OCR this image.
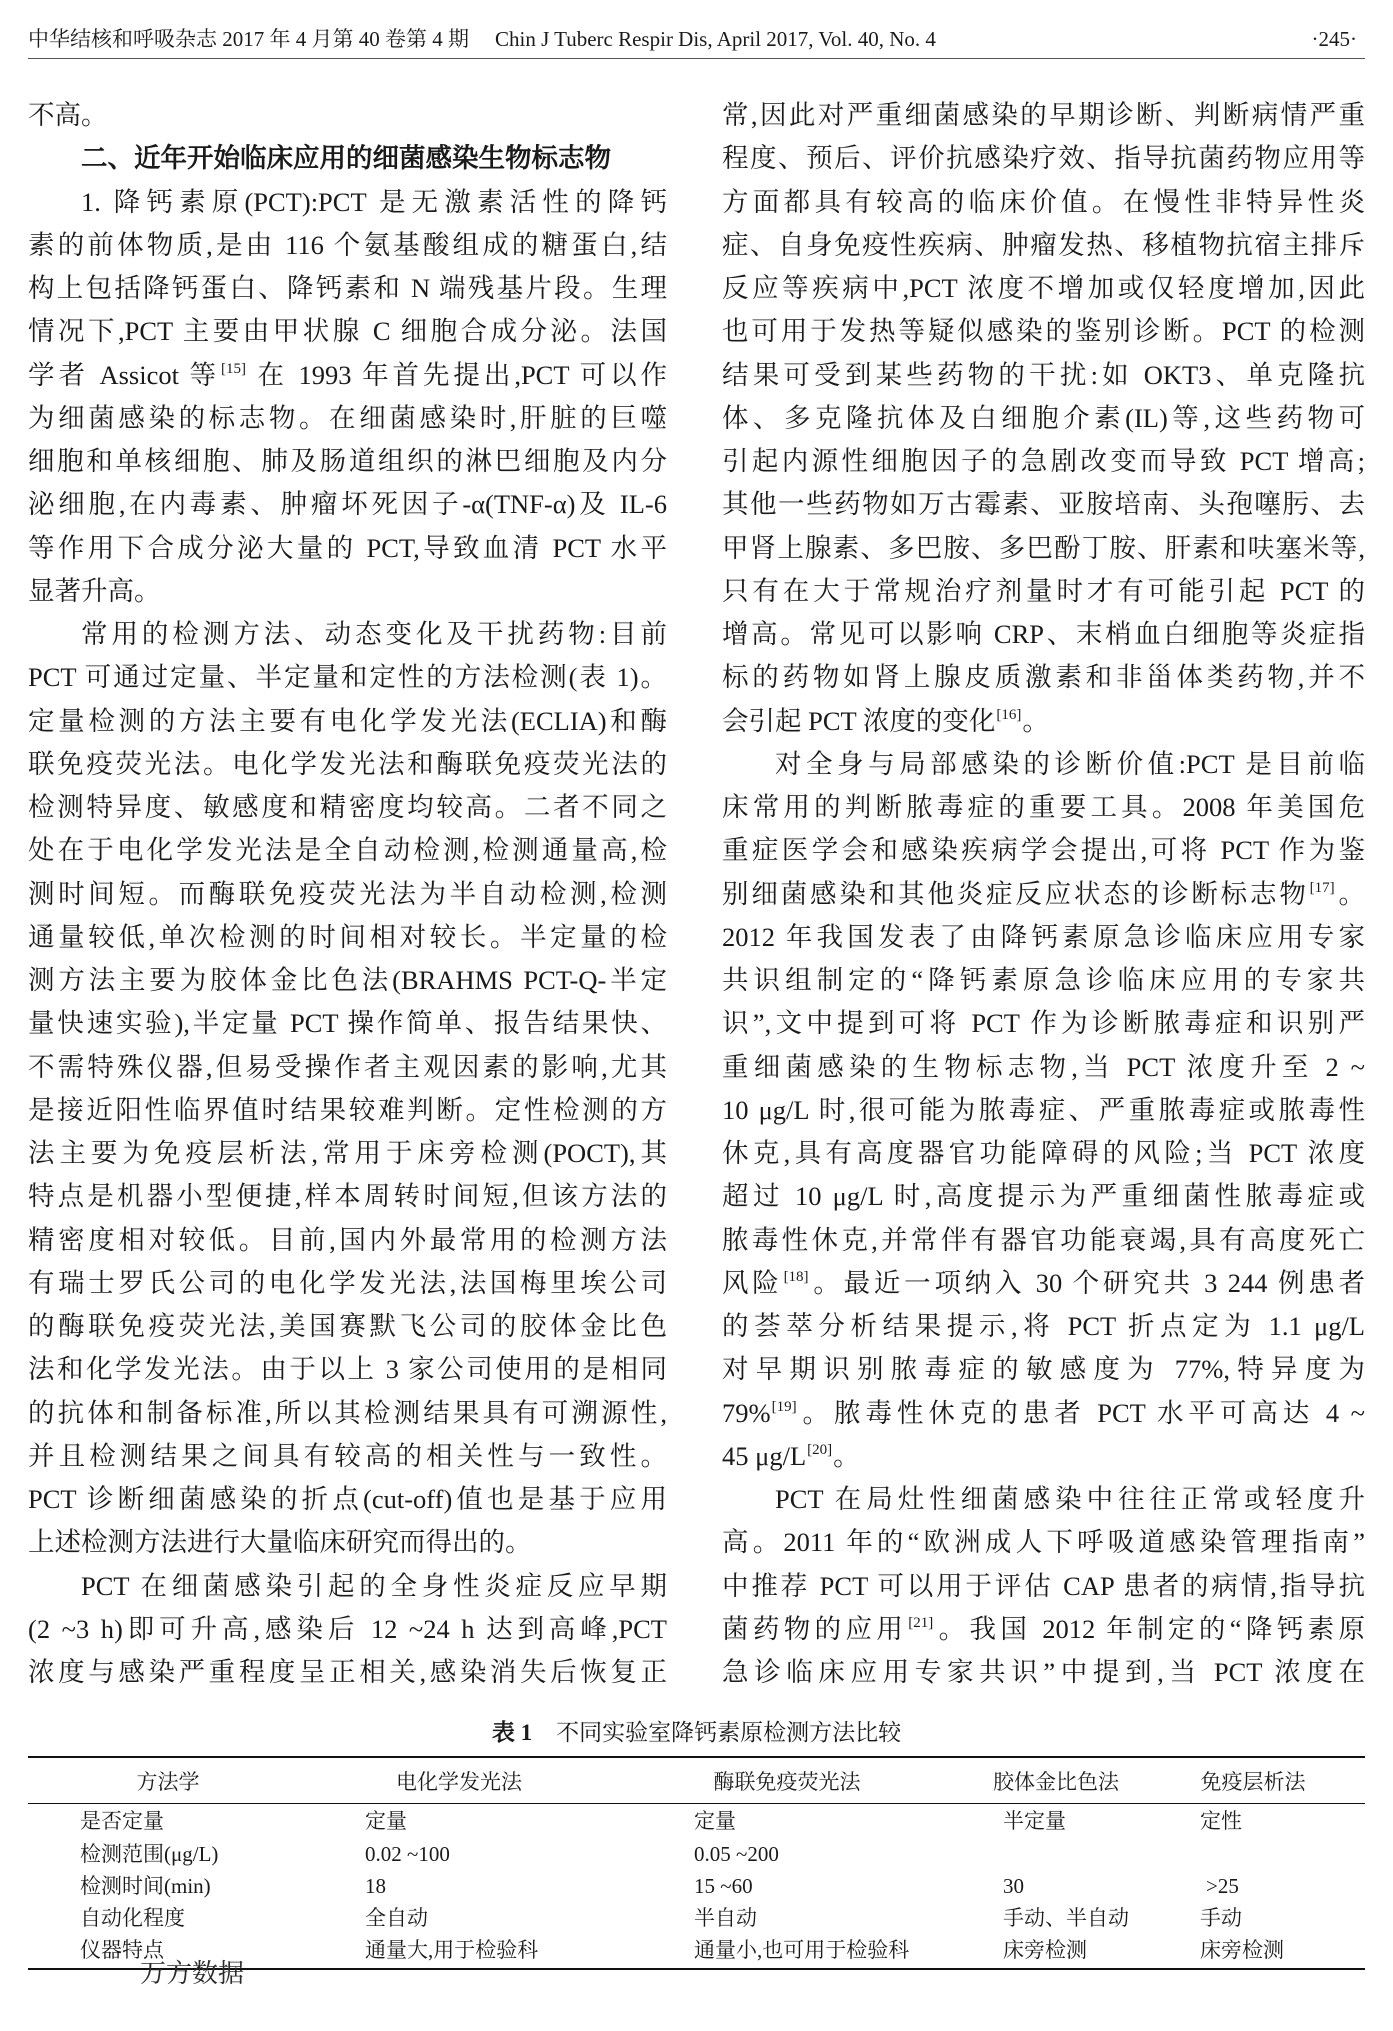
中华结核和呼吸杂志 2017 年 4 月第 40 卷第 4 期 Chin J Tuberc Respir Dis, April 2017, Vol. 40, No. 4	·245·
不高。
二、近年开始临床应用的细菌感染生物标志物
1. 降钙素原(PCT):PCT 是无激素活性的降钙
素的前体物质,是由 116 个氨基酸组成的糖蛋白,结
构上包括降钙蛋白、降钙素和 N 端残基片段。生理
情况下,PCT 主要由甲状腺 C 细胞合成分泌。法国
学者 Assicot 等[15] 在 1993 年首先提出,PCT 可以作
为细菌感染的标志物。在细菌感染时,肝脏的巨噬
细胞和单核细胞、肺及肠道组织的淋巴细胞及内分
泌细胞,在内毒素、肿瘤坏死因子-α(TNF-α)及 IL-6
等作用下合成分泌大量的 PCT,导致血清 PCT 水平
显著升高。
常用的检测方法、动态变化及干扰药物:目前
PCT 可通过定量、半定量和定性的方法检测(表 1)。
定量检测的方法主要有电化学发光法(ECLIA)和酶
联免疫荧光法。电化学发光法和酶联免疫荧光法的
检测特异度、敏感度和精密度均较高。二者不同之
处在于电化学发光法是全自动检测,检测通量高,检
测时间短。而酶联免疫荧光法为半自动检测,检测
通量较低,单次检测的时间相对较长。半定量的检
测方法主要为胶体金比色法(BRAHMS PCT-Q-半定
量快速实验),半定量 PCT 操作简单、报告结果快、
不需特殊仪器,但易受操作者主观因素的影响,尤其
是接近阳性临界值时结果较难判断。定性检测的方
法主要为免疫层析法,常用于床旁检测(POCT),其
特点是机器小型便捷,样本周转时间短,但该方法的
精密度相对较低。目前,国内外最常用的检测方法
有瑞士罗氏公司的电化学发光法,法国梅里埃公司
的酶联免疫荧光法,美国赛默飞公司的胶体金比色
法和化学发光法。由于以上 3 家公司使用的是相同
的抗体和制备标准,所以其检测结果具有可溯源性,
并且检测结果之间具有较高的相关性与一致性。
PCT 诊断细菌感染的折点(cut-off)值也是基于应用
上述检测方法进行大量临床研究而得出的。
PCT 在细菌感染引起的全身性炎症反应早期
(2 ~3 h)即可升高,感染后 12 ~24 h 达到高峰,PCT
浓度与感染严重程度呈正相关,感染消失后恢复正
常,因此对严重细菌感染的早期诊断、判断病情严重
程度、预后、评价抗感染疗效、指导抗菌药物应用等
方面都具有较高的临床价值。在慢性非特异性炎
症、自身免疫性疾病、肿瘤发热、移植物抗宿主排斥
反应等疾病中,PCT 浓度不增加或仅轻度增加,因此
也可用于发热等疑似感染的鉴别诊断。PCT 的检测
结果可受到某些药物的干扰:如 OKT3、单克隆抗
体、多克隆抗体及白细胞介素(IL)等,这些药物可
引起内源性细胞因子的急剧改变而导致 PCT 增高;
其他一些药物如万古霉素、亚胺培南、头孢噻肟、去
甲肾上腺素、多巴胺、多巴酚丁胺、肝素和呋塞米等,
只有在大于常规治疗剂量时才有可能引起 PCT 的
增高。常见可以影响 CRP、末梢血白细胞等炎症指
标的药物如肾上腺皮质激素和非甾体类药物,并不
会引起 PCT 浓度的变化[16]。
对全身与局部感染的诊断价值:PCT 是目前临
床常用的判断脓毒症的重要工具。2008 年美国危
重症医学会和感染疾病学会提出,可将 PCT 作为鉴
别细菌感染和其他炎症反应状态的诊断标志物[17]。
2012 年我国发表了由降钙素原急诊临床应用专家
共识组制定的“降钙素原急诊临床应用的专家共
识”,文中提到可将 PCT 作为诊断脓毒症和识别严
重细菌感染的生物标志物,当 PCT 浓度升至 2 ~
10 μg/L 时,很可能为脓毒症、严重脓毒症或脓毒性
休克,具有高度器官功能障碍的风险;当 PCT 浓度
超过 10 μg/L 时,高度提示为严重细菌性脓毒症或
脓毒性休克,并常伴有器官功能衰竭,具有高度死亡
风险[18]。最近一项纳入 30 个研究共 3 244 例患者
的荟萃分析结果提示,将 PCT 折点定为 1.1 μg/L
对早期识别脓毒症的敏感度为 77%,特异度为
79%[19]。脓毒性休克的患者 PCT 水平可高达 4 ~
45 μg/L[20]。
PCT 在局灶性细菌感染中往往正常或轻度升
高。2011 年的“欧洲成人下呼吸道感染管理指南”
中推荐 PCT 可以用于评估 CAP 患者的病情,指导抗
菌药物的应用[21]。我国 2012 年制定的“降钙素原
急诊临床应用专家共识”中提到,当 PCT 浓度在
表 1 不同实验室降钙素原检测方法比较
方法学	电化学发光法	酶联免疫荧光法	胶体金比色法	免疫层析法
是否定量	定量	定量	半定量	定性
检测范围(μg/L)	0.02 ~100	0.05 ~200
检测时间(min)	18	15 ~60	30	>25
自动化程度	全自动	半自动	手动、半自动	手动
仪器特点	通量大,用于检验科	通量小,也可用于检验科	床旁检测	床旁检测
万方数据
